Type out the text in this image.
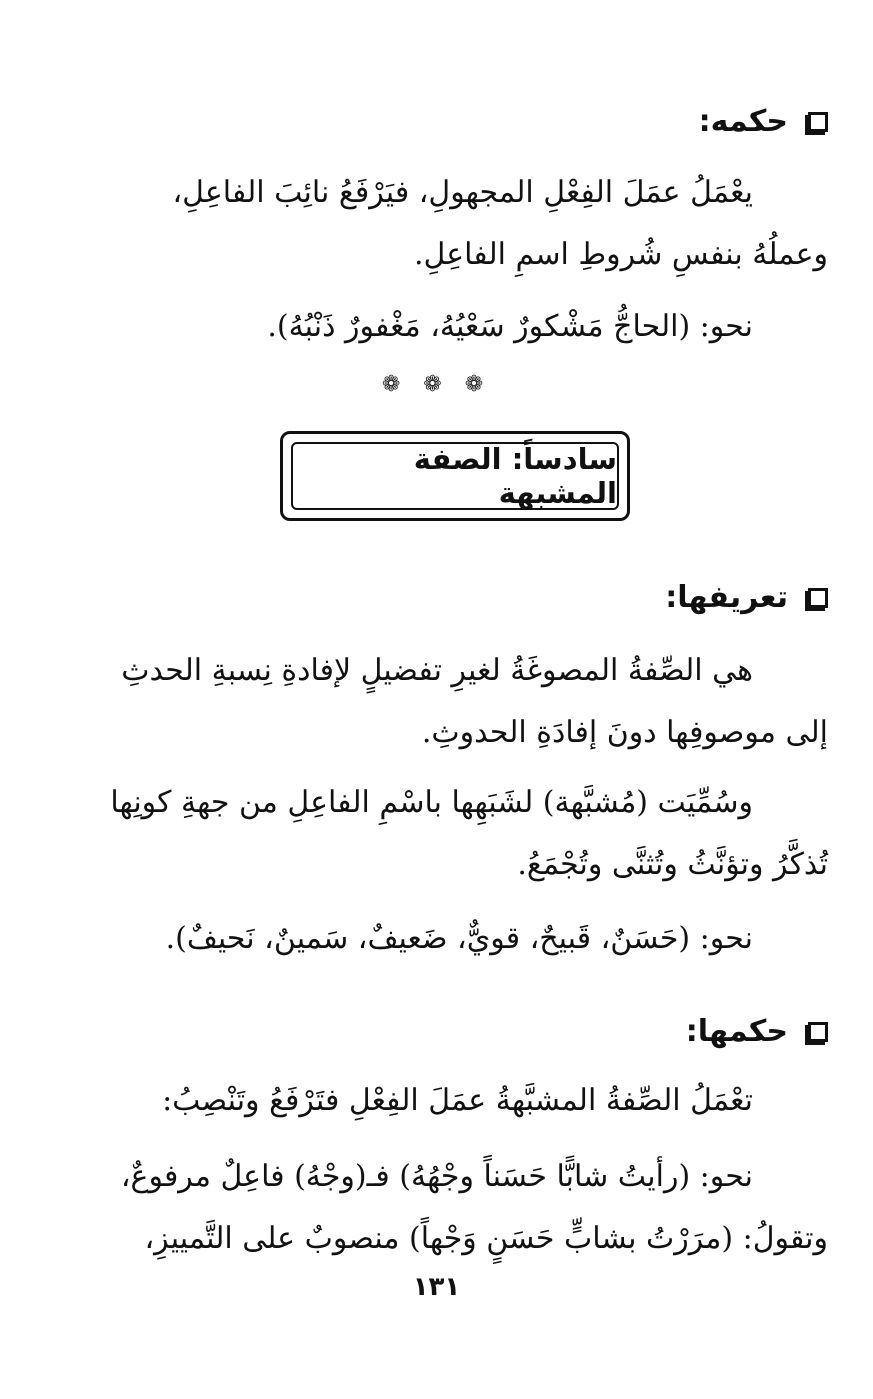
حكمه:
يعْمَلُ عمَلَ الفِعْلِ المجهولِ، فيَرْفَعُ نائِبَ الفاعِلِ،
وعملُهُ بنفسِ شُروطِ اسمِ الفاعِلِ.
نحو: (الحاجُّ مَشْكورٌ سَعْيُهُ، مَغْفورٌ ذَنْبُهُ).
❁ ❁ ❁
سادساً: الصفة المشبهة
تعريفها:
هي الصِّفةُ المصوغَةُ لغيرِ تفضيلٍ لإفادةِ نِسبةِ الحدثِ
إلى موصوفِها دونَ إفادَةِ الحدوثِ.
وسُمِّيَت (مُشبَّهة) لشَبَهِها باسْمِ الفاعِلِ من جهةِ كونِها
تُذكَّرُ وتؤنَّثُ وتُثنَّى وتُجْمَعُ.
نحو: (حَسَنٌ، قَبيحٌ، قويٌّ، ضَعيفٌ، سَمينٌ، نَحيفٌ).
حكمها:
تعْمَلُ الصِّفةُ المشبَّهةُ عمَلَ الفِعْلِ فتَرْفَعُ وتَنْصِبُ:
نحو: (رأيتُ شابًّا حَسَناً وجْهُهُ) فـ(وجْهُ) فاعِلٌ مرفوعٌ،
وتقولُ: (مرَرْتُ بشابٍّ حَسَنٍ وَجْهاً) منصوبٌ على التَّمييزِ،
١٣١
